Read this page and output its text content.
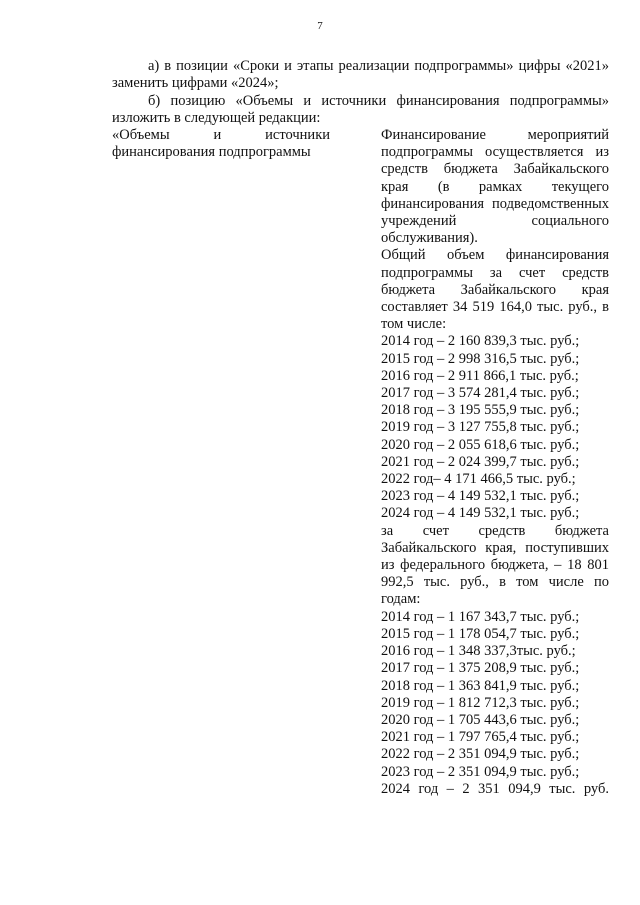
7
а) в позиции «Сроки и этапы реализации подпрограммы» цифры «2021» заменить цифрами «2024»;
б) позицию «Объемы и источники финансирования подпрограммы» изложить в следующей редакции:
«Объемы и источники финансирования подпрограммы
Финансирование мероприятий подпрограммы осуществляется из средств бюджета Забайкальского края (в рамках текущего финансирования подведомственных учреждений социального обслуживания).
Общий объем финансирования подпрограммы за счет средств бюджета Забайкальского края составляет 34 519 164,0 тыс. руб., в том числе:
2014 год – 2 160 839,3 тыс. руб.;
2015 год – 2 998 316,5 тыс. руб.;
2016 год – 2 911 866,1 тыс. руб.;
2017 год – 3 574 281,4 тыс. руб.;
2018 год – 3 195 555,9 тыс. руб.;
2019 год – 3 127 755,8 тыс. руб.;
2020 год – 2 055 618,6 тыс. руб.;
2021 год – 2 024 399,7 тыс. руб.;
2022 год– 4 171 466,5 тыс. руб.;
2023 год – 4 149 532,1 тыс. руб.;
2024 год – 4 149 532,1 тыс. руб.;
за счет средств бюджета Забайкальского края, поступивших из федерального бюджета, – 18 801 992,5 тыс. руб., в том числе по годам:
2014 год – 1 167 343,7 тыс. руб.;
2015 год – 1 178 054,7 тыс. руб.;
2016 год – 1 348 337,3тыс. руб.;
2017 год – 1 375 208,9 тыс. руб.;
2018 год – 1 363 841,9 тыс. руб.;
2019 год – 1 812 712,3 тыс. руб.;
2020 год – 1 705 443,6 тыс. руб.;
2021 год – 1 797 765,4 тыс. руб.;
2022 год – 2 351 094,9 тыс. руб.;
2023 год – 2 351 094,9 тыс. руб.;
2024 год – 2 351 094,9 тыс. руб.
